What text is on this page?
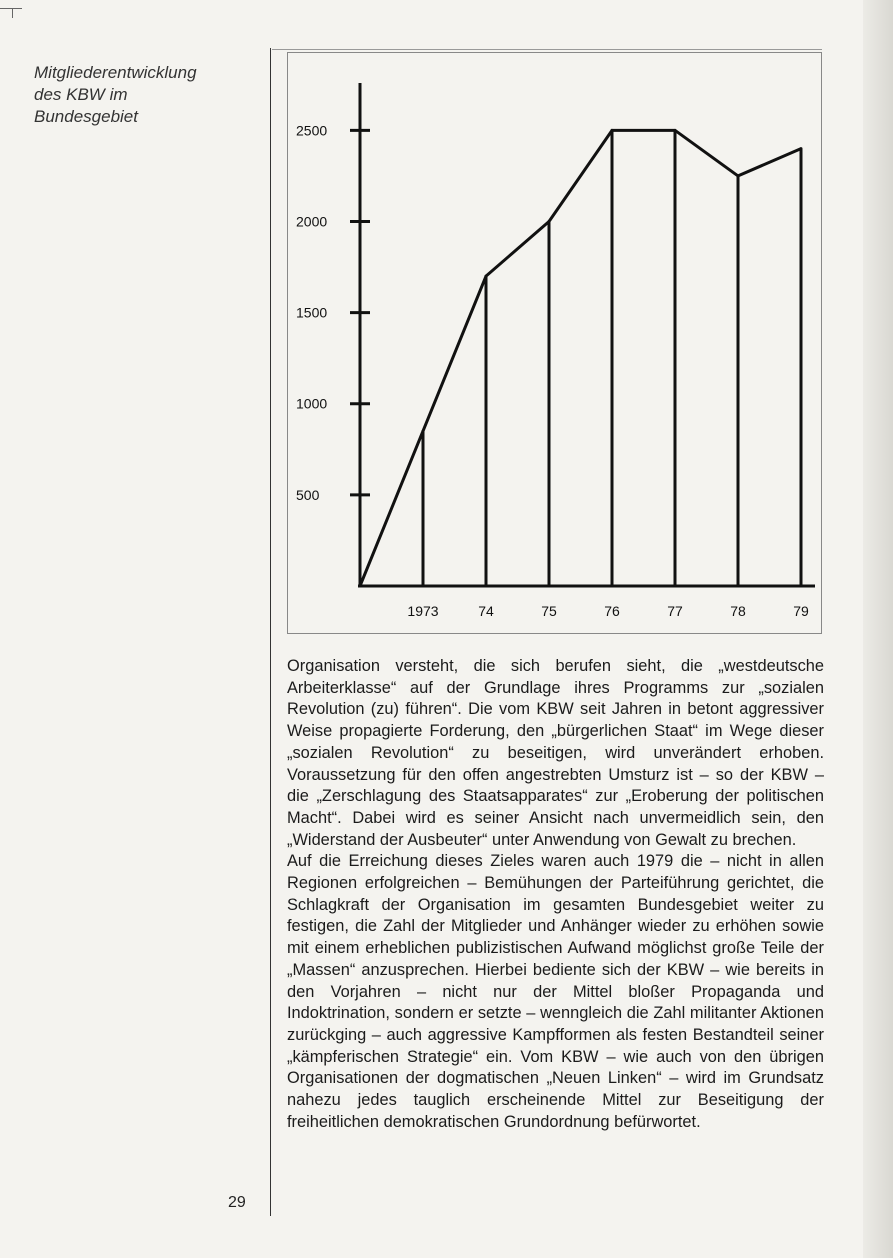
Mitgliederentwicklung
des KBW im
Bundesgebiet
500
1000
1500
2000
2500
1973	74	75	76	77	78	79

Organisation versteht, die sich berufen sieht, die „westdeutsche Arbeiterklasse“ auf der Grundlage ihres Programms zur „sozialen Revolution (zu) führen“. Die vom KBW seit Jahren in betont aggressiver Weise propagierte Forderung, den „bürgerlichen Staat“ im Wege dieser „sozialen Revolution“ zu beseitigen, wird unverändert erhoben. Voraussetzung für den offen angestrebten Umsturz ist – so der KBW – die „Zerschlagung des Staatsapparates“ zur „Eroberung der politischen Macht“. Dabei wird es seiner Ansicht nach unvermeidlich sein, den „Widerstand der Ausbeuter“ unter Anwendung von Gewalt zu brechen.

Auf die Erreichung dieses Zieles waren auch 1979 die – nicht in allen Regionen erfolgreichen – Bemühungen der Parteiführung gerichtet, die Schlagkraft der Organisation im gesamten Bundesgebiet weiter zu festigen, die Zahl der Mitglieder und Anhänger wieder zu erhöhen sowie mit einem erheblichen publizistischen Aufwand möglichst große Teile der „Massen“ anzusprechen. Hierbei bediente sich der KBW – wie bereits in den Vorjahren – nicht nur der Mittel bloßer Propaganda und Indoktrination, sondern er setzte – wenngleich die Zahl militanter Aktionen zurückging – auch aggressive Kampfformen als festen Bestandteil seiner „kämpferischen Strategie“ ein. Vom KBW – wie auch von den übrigen Organisationen der dogmatischen „Neuen Linken“ – wird im Grundsatz nahezu jedes tauglich erscheinende Mittel zur Beseitigung der freiheitlichen demokratischen Grundordnung befürwortet.

29
